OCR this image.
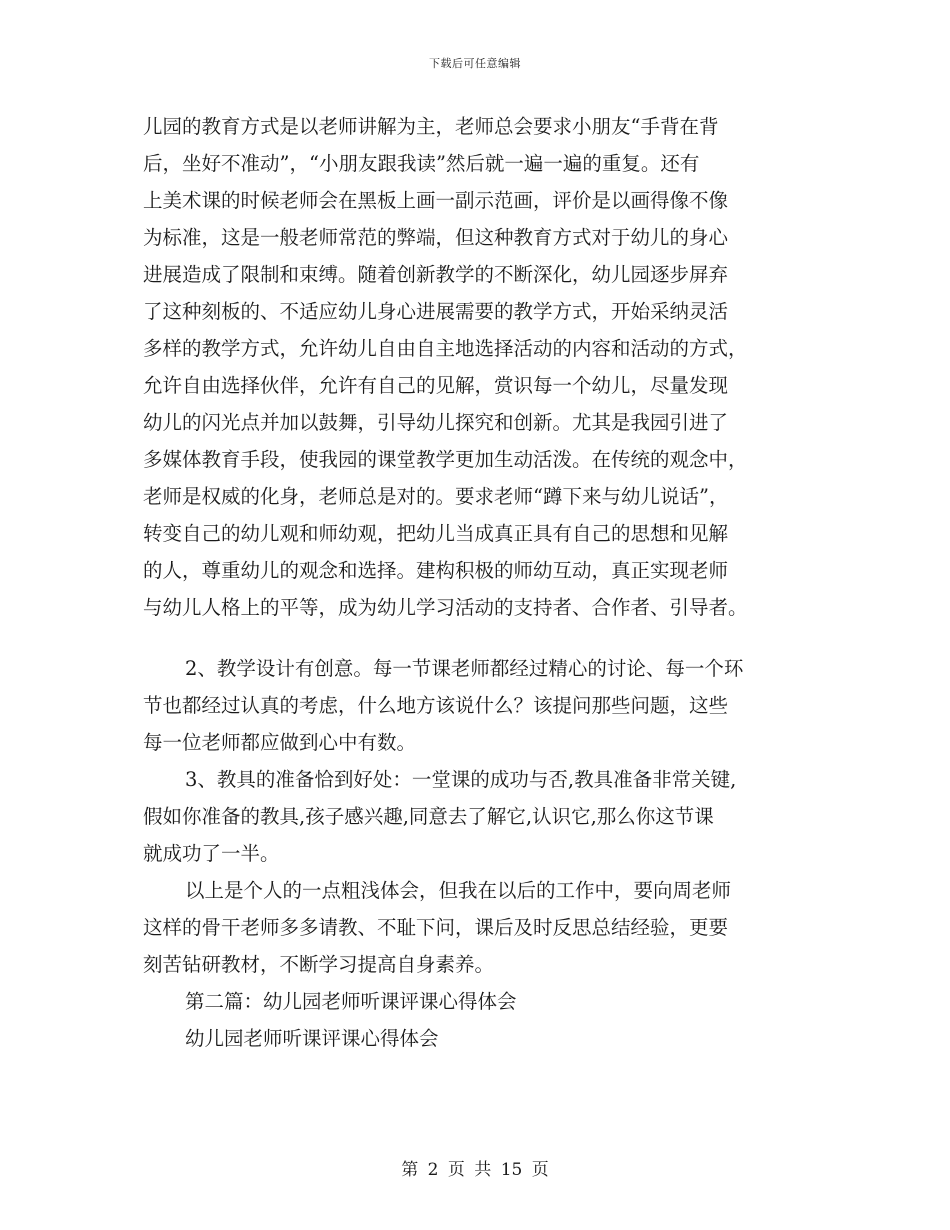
下载后可任意编辑
儿园的教育方式是以老师讲解为主，老师总会要求小朋友“手背在背
后，坐好不准动”，“小朋友跟我读”然后就一遍一遍的重复。还有
上美术课的时候老师会在黑板上画一副示范画，评价是以画得像不像
为标准，这是一般老师常范的弊端，但这种教育方式对于幼儿的身心
进展造成了限制和束缚。随着创新教学的不断深化，幼儿园逐步屏弃
了这种刻板的、不适应幼儿身心进展需要的教学方式，开始采纳灵活
多样的教学方式，允许幼儿自由自主地选择活动的内容和活动的方式，
允许自由选择伙伴，允许有自己的见解，赏识每一个幼儿，尽量发现
幼儿的闪光点并加以鼓舞，引导幼儿探究和创新。尤其是我园引进了
多媒体教育手段，使我园的课堂教学更加生动活泼。在传统的观念中，
老师是权威的化身，老师总是对的。要求老师“蹲下来与幼儿说话”，
转变自己的幼儿观和师幼观，把幼儿当成真正具有自己的思想和见解
的人，尊重幼儿的观念和选择。建构积极的师幼互动，真正实现老师
与幼儿人格上的平等，成为幼儿学习活动的支持者、合作者、引导者。
2、教学设计有创意。每一节课老师都经过精心的讨论、每一个环
节也都经过认真的考虑，什么地方该说什么？该提问那些问题，这些
每一位老师都应做到心中有数。
3、教具的准备恰到好处：一堂课的成功与否,教具准备非常关键,
假如你准备的教具,孩子感兴趣,同意去了解它,认识它,那么你这节课
就成功了一半。
以上是个人的一点粗浅体会，但我在以后的工作中，要向周老师
这样的骨干老师多多请教、不耻下问，课后及时反思总结经验，更要
刻苦钻研教材，不断学习提高自身素养。
第二篇：幼儿园老师听课评课心得体会
幼儿园老师听课评课心得体会
第 2 页 共 15 页
